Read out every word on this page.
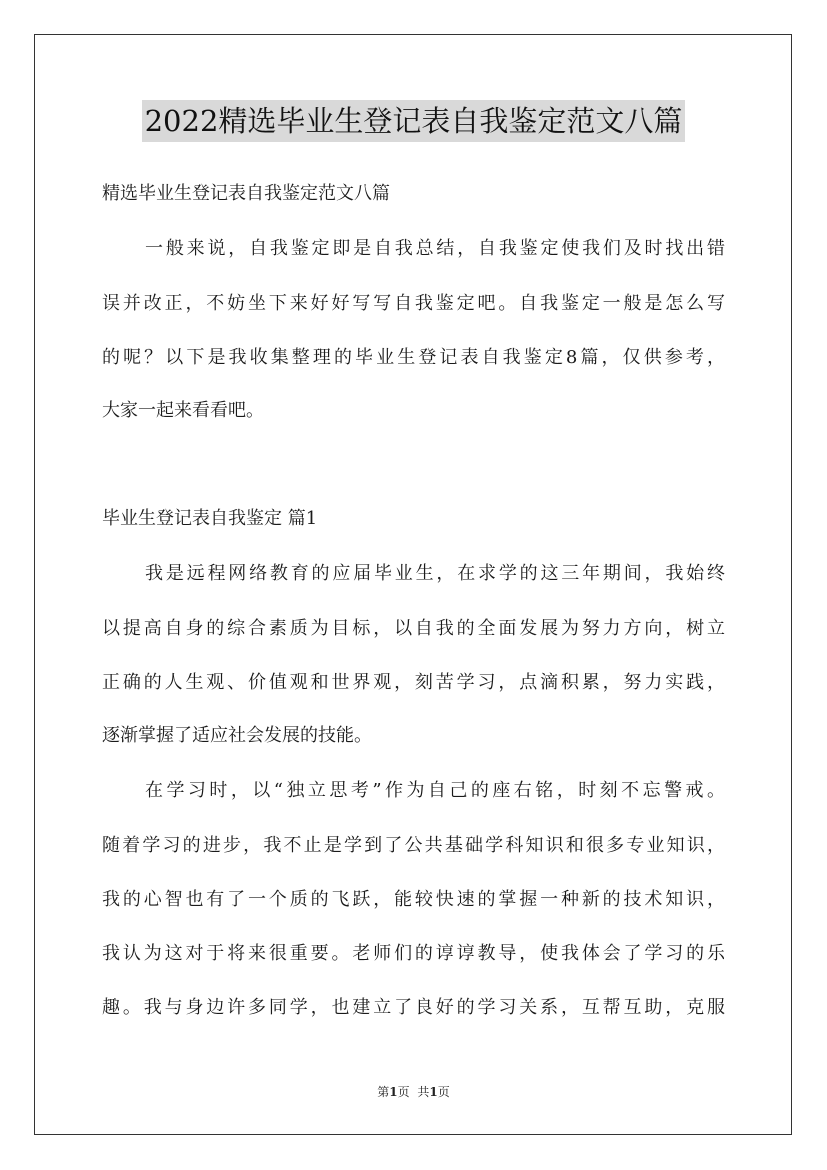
2022精选毕业生登记表自我鉴定范文八篇
精选毕业生登记表自我鉴定范文八篇
一般来说，自我鉴定即是自我总结，自我鉴定使我们及时找出错
误并改正，不妨坐下来好好写写自我鉴定吧。自我鉴定一般是怎么写
的呢？以下是我收集整理的毕业生登记表自我鉴定8篇，仅供参考，
大家一起来看看吧。
毕业生登记表自我鉴定 篇1
我是远程网络教育的应届毕业生，在求学的这三年期间，我始终
以提高自身的综合素质为目标，以自我的全面发展为努力方向，树立
正确的人生观、价值观和世界观，刻苦学习，点滴积累，努力实践，
逐渐掌握了适应社会发展的技能。
在学习时，以“独立思考”作为自己的座右铭，时刻不忘警戒。
随着学习的进步，我不止是学到了公共基础学科知识和很多专业知识，
我的心智也有了一个质的飞跃，能较快速的掌握一种新的技术知识，
我认为这对于将来很重要。老师们的谆谆教导，使我体会了学习的乐
趣。我与身边许多同学，也建立了良好的学习关系，互帮互助，克服
第1页 共1页
